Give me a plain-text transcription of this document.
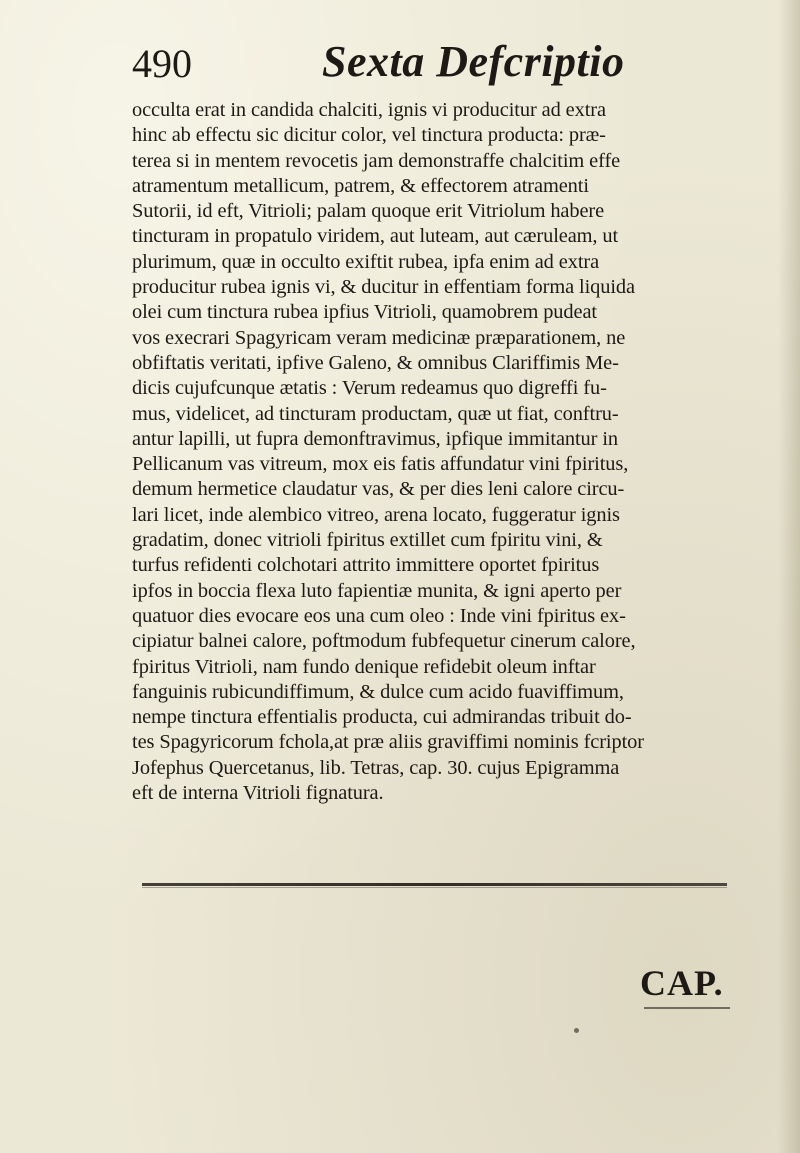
490	Sexta Defcriptio
occulta erat in candida chalciti, ignis vi producitur ad extra
hinc ab effectu sic dicitur color, vel tinctura producta: præ-
terea si in mentem revocetis jam demonstraffe chalcitim effe
atramentum metallicum, patrem, & effectorem atramenti
Sutorii, id eft, Vitrioli; palam quoque erit Vitriolum habere
tincturam in propatulo viridem, aut luteam, aut cæruleam, ut
plurimum, quæ in occulto exiftit rubea, ipfa enim ad extra
producitur rubea ignis vi, & ducitur in effentiam forma liquida
olei cum tinctura rubea ipfius Vitrioli, quamobrem pudeat
vos execrari Spagyricam veram medicinæ præparationem, ne
obfiftatis veritati, ipfive Galeno, & omnibus Clariffimis Me-
dicis cujufcunque ætatis : Verum redeamus quo digreffi fu-
mus, videlicet, ad tincturam productam, quæ ut fiat, conftru-
antur lapilli, ut fupra demonftravimus, ipfique immitantur in
Pellicanum vas vitreum, mox eis fatis affundatur vini fpiritus,
demum hermetice claudatur vas, & per dies leni calore circu-
lari licet, inde alembico vitreo, arena locato, fuggeratur ignis
gradatim, donec vitrioli fpiritus extillet cum fpiritu vini, &
turfus refidenti colchotari attrito immittere oportet fpiritus
ipfos in boccia flexa luto fapientiæ munita, & igni aperto per
quatuor dies evocare eos una cum oleo : Inde vini fpiritus ex-
cipiatur balnei calore, poftmodum fubfequetur cinerum calore,
fpiritus Vitrioli, nam fundo denique refidebit oleum inftar
fanguinis rubicundiffimum, & dulce cum acido fuaviffimum,
nempe tinctura effentialis producta, cui admirandas tribuit do-
tes Spagyricorum fchola,at præ aliis graviffimi nominis fcriptor
Jofephus Quercetanus, lib. Tetras, cap. 30. cujus Epigramma
eft de interna Vitrioli fignatura.
CAP.
